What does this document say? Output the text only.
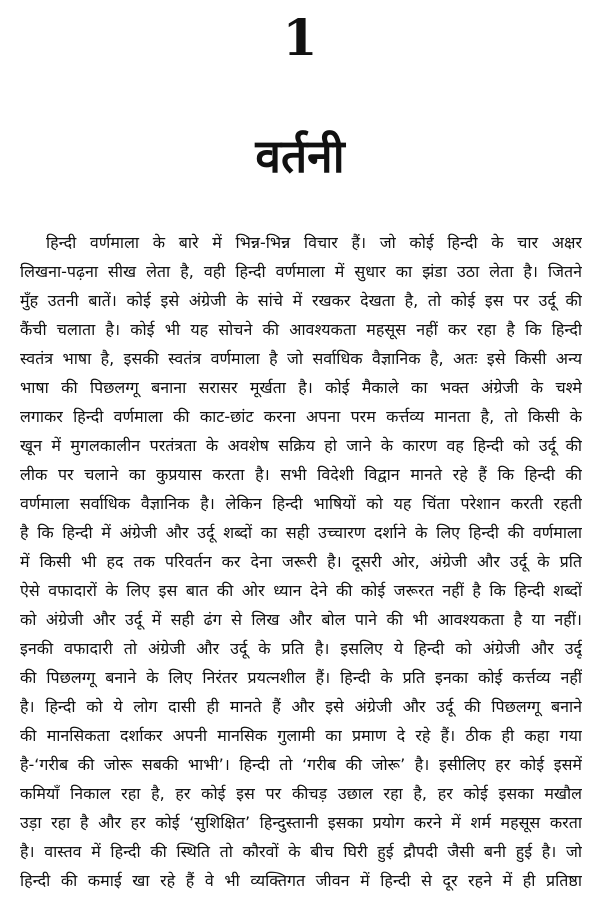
1
वर्तनी
हिन्दी वर्णमाला के बारे में भिन्न-भिन्न विचार हैं। जो कोई हिन्दी के चार अक्षर
लिखना-पढ़ना सीख लेता है, वही हिन्दी वर्णमाला में सुधार का झंडा उठा लेता है। जितने
मुँह उतनी बातें। कोई इसे अंग्रेजी के सांचे में रखकर देखता है, तो कोई इस पर उर्दू की
कैंची चलाता है। कोई भी यह सोचने की आवश्यकता महसूस नहीं कर रहा है कि हिन्दी
स्वतंत्र भाषा है, इसकी स्वतंत्र वर्णमाला है जो सर्वाधिक वैज्ञानिक है, अतः इसे किसी अन्य
भाषा की पिछलग्गू बनाना सरासर मूर्खता है। कोई मैकाले का भक्त अंग्रेजी के चश्मे
लगाकर हिन्दी वर्णमाला की काट-छांट करना अपना परम कर्त्तव्य मानता है, तो किसी के
खून में मुगलकालीन परतंत्रता के अवशेष सक्रिय हो जाने के कारण वह हिन्दी को उर्दू की
लीक पर चलाने का कुप्रयास करता है। सभी विदेशी विद्वान मानते रहे हैं कि हिन्दी की
वर्णमाला सर्वाधिक वैज्ञानिक है। लेकिन हिन्दी भाषियों को यह चिंता परेशान करती रहती
है कि हिन्दी में अंग्रेजी और उर्दू शब्दों का सही उच्चारण दर्शाने के लिए हिन्दी की वर्णमाला
में किसी भी हद तक परिवर्तन कर देना जरूरी है। दूसरी ओर, अंग्रेजी और उर्दू के प्रति
ऐसे वफादारों के लिए इस बात की ओर ध्यान देने की कोई जरूरत नहीं है कि हिन्दी शब्दों
को अंग्रेजी और उर्दू में सही ढंग से लिख और बोल पाने की भी आवश्यकता है या नहीं।
इनकी वफादारी तो अंग्रेजी और उर्दू के प्रति है। इसलिए ये हिन्दी को अंग्रेजी और उर्दू
की पिछलग्गू बनाने के लिए निरंतर प्रयत्नशील हैं। हिन्दी के प्रति इनका कोई कर्त्तव्य नहीं
है। हिन्दी को ये लोग दासी ही मानते हैं और इसे अंग्रेजी और उर्दू की पिछलग्गू बनाने
की मानसिकता दर्शाकर अपनी मानसिक गुलामी का प्रमाण दे रहे हैं। ठीक ही कहा गया
है-‘गरीब की जोरू सबकी भाभी’। हिन्दी तो ‘गरीब की जोरू’ है। इसीलिए हर कोई इसमें
कमियाँ निकाल रहा है, हर कोई इस पर कीचड़ उछाल रहा है, हर कोई इसका मखौल
उड़ा रहा है और हर कोई ‘सुशिक्षित’ हिन्दुस्तानी इसका प्रयोग करने में शर्म महसूस करता
है। वास्तव में हिन्दी की स्थिति तो कौरवों के बीच घिरी हुई द्रौपदी जैसी बनी हुई है। जो
हिन्दी की कमाई खा रहे हैं वे भी व्यक्तिगत जीवन में हिन्दी से दूर रहने में ही प्रतिष्ठा
